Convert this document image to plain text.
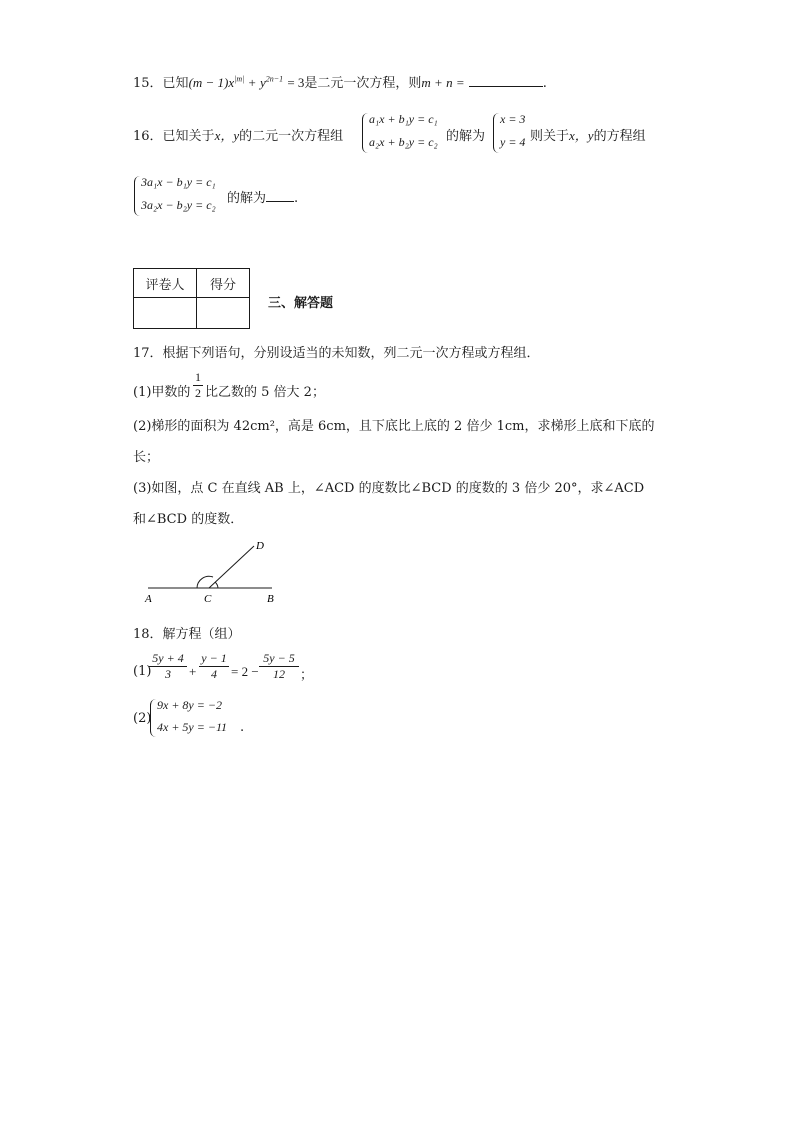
15．已知$(m - 1)x^{|m|} + y^{2n-1} = 3$是二元一次方程，则m + n =	.
16．已知关于x，y的二元一次方程组
a₁x + b₁y = c₁
a₂x + b₂y = c₂ 的解为
x = 3
y = 4 则关于x，y的方程组
3a₁x − b₁y = c₁
3a₂x − b₂y = c₂ 的解为 .
评卷人	得分

三、解答题
17．根据下列语句，分别设适当的未知数，列二元一次方程或方程组．
(1)甲数的 $\frac{1}{2}$ 比乙数的 5 倍大 2；
(2)梯形的面积为 42cm²，高是 6cm，且下底比上底的 2 倍少 1cm，求梯形上底和下底的
长；
(3)如图，点 C 在直线 AB 上，∠ACD 的度数比∠BCD 的度数的 3 倍少 20°，求∠ACD
和∠BCD 的度数．
A	C	B
D
18．解方程（组）
(1)
$\frac{5y + 4}{3} + \frac{y - 1}{4} = 2 - \frac{5y - 5}{12}$ ；
(2)
9x + 8y = −2
4x + 5y = −11 .
